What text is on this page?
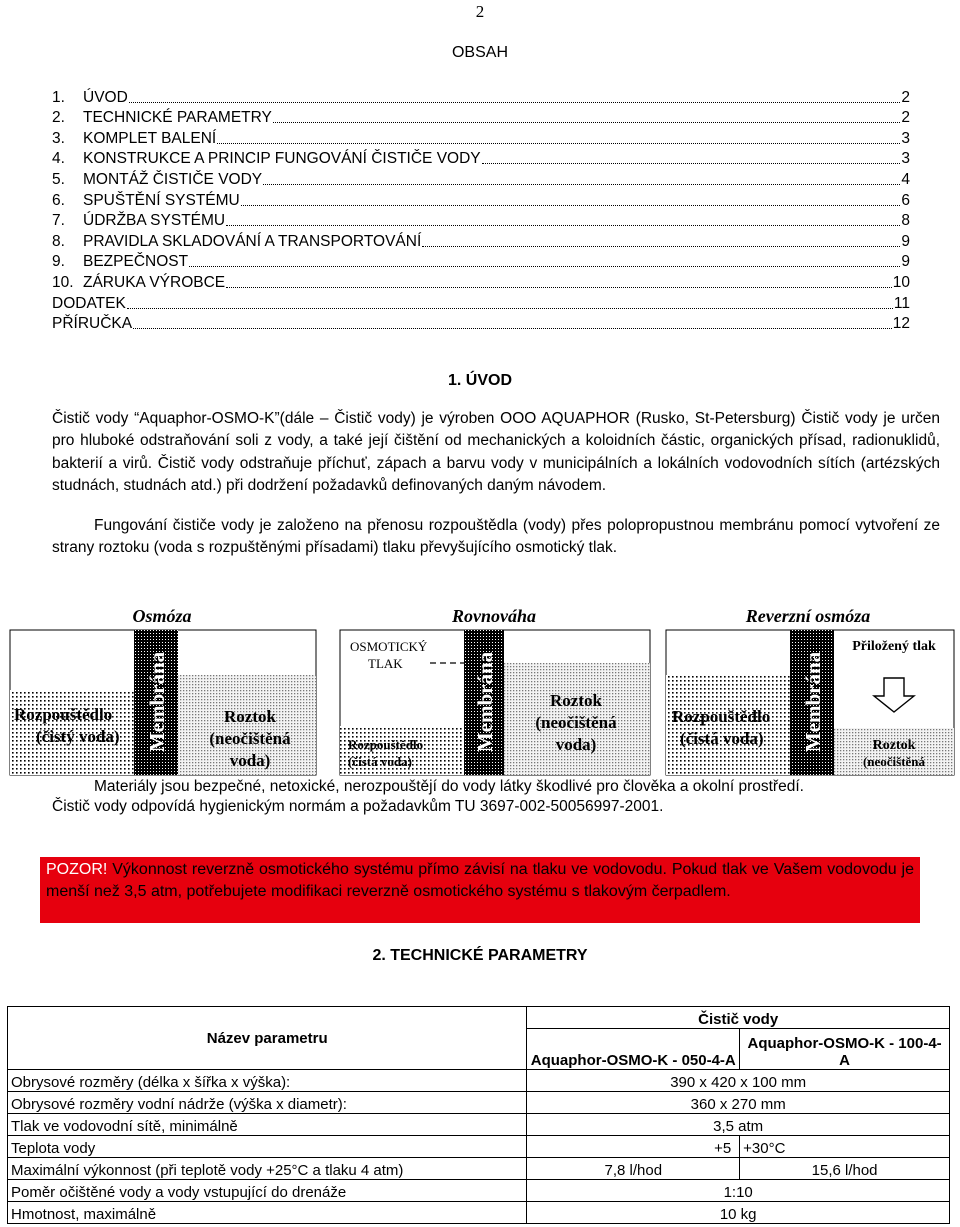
2
OBSAH
1.	ÚVOD	2
2.	TECHNICKÉ PARAMETRY	2
3.	KOMPLET BALENÍ	3
4.	KONSTRUKCE A PRINCIP FUNGOVÁNÍ ČISTIČE VODY	3
5.	MONTÁŽ ČISTIČE VODY	4
6.	SPUŠTĚNÍ SYSTÉMU	6
7.	ÚDRŽBA SYSTÉMU	8
8.	PRAVIDLA SKLADOVÁNÍ A TRANSPORTOVÁNÍ	9
9.	BEZPEČNOST	9
10. ZÁRUKA VÝROBCE	10
DODATEK	11
PŘÍRUČKA	12
1. ÚVOD
Čistič vody “Aquaphor-OSMO-K”(dále – Čistič vody) je výroben OOO AQUAPHOR (Rusko, St-Petersburg) Čistič vody je určen pro hluboké odstraňování soli z vody, a také její čištění od mechanických a koloidních částic, organických přísad, radionuklidů, bakterií a virů. Čistič vody odstraňuje příchuť, zápach a barvu vody v municipálních a lokálních vodovodních sítích (artézských studnách, studnách atd.) při dodržení požadavků definovaných daným návodem.
Fungování čističe vody je založeno na přenosu rozpouštědla (vody) přes polopropustnou membránu pomocí vytvoření ze strany roztoku (voda s rozpuštěnými přísadami) tlaku převyšujícího osmotický tlak.
Osmóza	Rovnováha	Reverzní osmóza
Membrána
Rozpouštědlo
(čistý voda)
Roztok
(neočištěná
voda)
Membrána
OSMOTICKÝ
TLAK
Rozpouštědlo
(čistá voda)
Roztok
(neočištěná
voda)	Membrána
Přiložený tlak
Rozpouštědlo
(čistá voda)	Roztok
(neočištěná
Materiály jsou bezpečné, netoxické, nerozpouštějí do vody látky škodlivé pro člověka a okolní prostředí.
Čistič vody odpovídá hygienickým normám a požadavkům TU 3697-002-50056997-2001.
POZOR! Výkonnost reverzně osmotického systému přímo závisí na tlaku ve vodovodu. Pokud tlak ve Vašem vodovodu je menší než 3,5 atm, potřebujete modifikaci reverzně osmotického systému s tlakovým čerpadlem.
2. TECHNICKÉ PARAMETRY
Název parametru	Čistič vody	
	Aquaphor-OSMO-K - 050-4-A	Aquaphor-OSMO-K - 100-4-A
Obrysové rozměry (délka x šířka x výška):	390 x 420 x 100 mm	
Obrysové rozměry vodní nádrže (výška x diametr):	360 x 270 mm	
Tlak ve vodovodní sítě, minimálně	3,5 atm	
Teplota vody	+5	+30°C
Maximální výkonnost (při teplotě vody +25°C a tlaku 4 atm)	7,8 l/hod	15,6 l/hod
Poměr očištěné vody a vody vstupující do drenáže	1:10	
Hmotnost, maximálně	10 kg	
